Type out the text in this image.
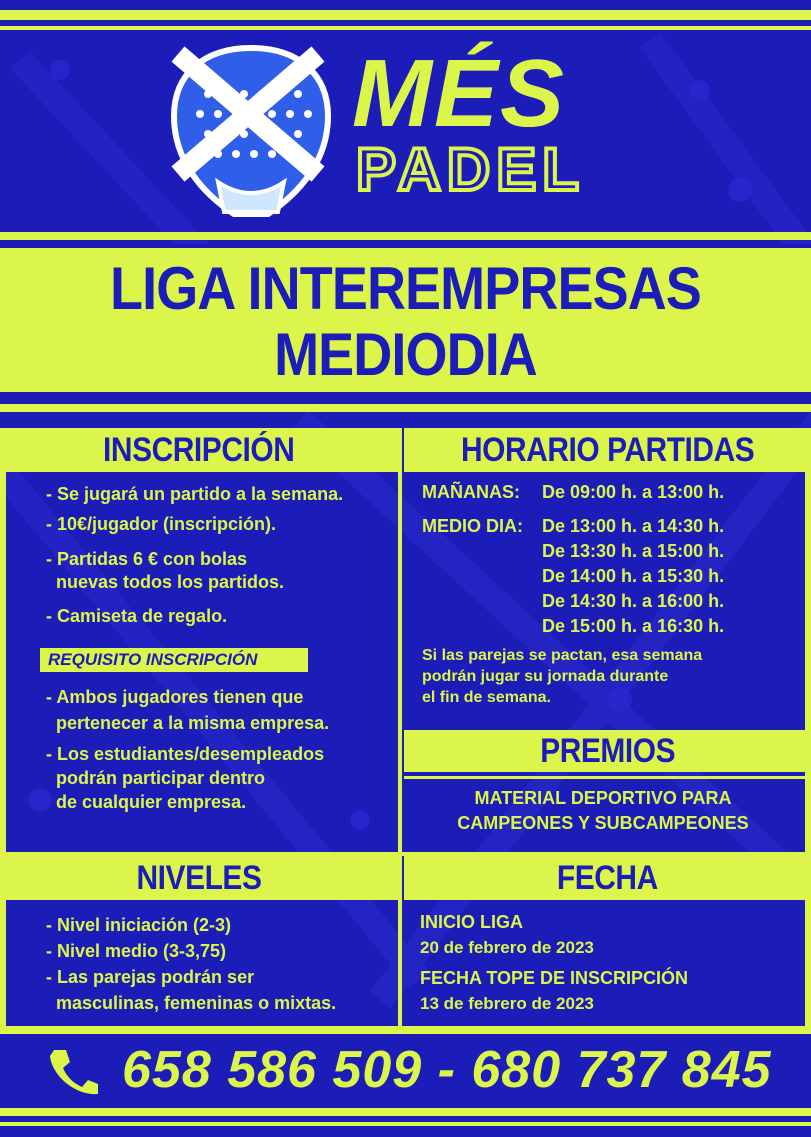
MÉS
PADEL
LIGA INTEREMPRESAS
MEDIODIA
INSCRIPCIÓN	HORARIO PARTIDAS
- Se jugará un partido a la semana.
- 10€/jugador (inscripción).
- Partidas 6 € con bolas
nuevas todos los partidos.
- Camiseta de regalo.
REQUISITO INSCRIPCIÓN
- Ambos jugadores tienen que
pertenecer a la misma empresa.
- Los estudiantes/desempleados
podrán participar dentro
de cualquier empresa.
MAÑANAS: De 09:00 h. a 13:00 h.
MEDIO DIA: De 13:00 h. a 14:30 h.
De 13:30 h. a 15:00 h.
De 14:00 h. a 15:30 h.
De 14:30 h. a 16:00 h.
De 15:00 h. a 16:30 h.
Si las parejas se pactan, esa semana
podrán jugar su jornada durante
el fin de semana.
PREMIOS
MATERIAL DEPORTIVO PARA
CAMPEONES Y SUBCAMPEONES
NIVELES	FECHA
- Nivel iniciación (2-3)
- Nivel medio (3-3,75)
- Las parejas podrán ser
masculinas, femeninas o mixtas.
INICIO LIGA
20 de febrero de 2023
FECHA TOPE DE INSCRIPCIÓN
13 de febrero de 2023
658 586 509 - 680 737 845
